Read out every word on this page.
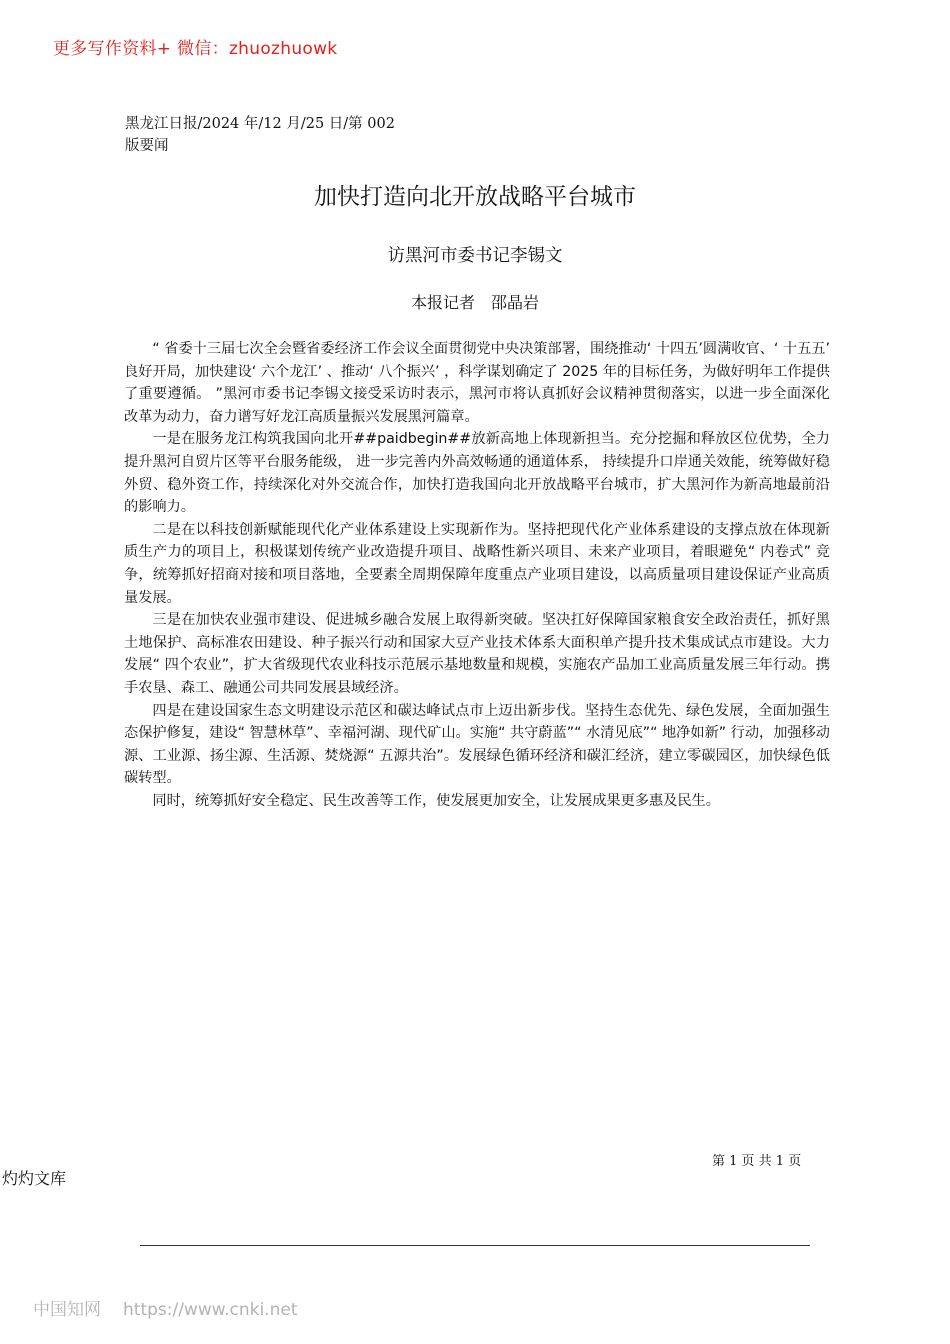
更多写作资料+ 微信：zhuozhuowk
黑龙江日报/2024 年/12 月/25 日/第 002
版要闻
加快打造向北开放战略平台城市
访黑河市委书记李锡文
本报记者　邵晶岩

“ 省委十三届七次全会暨省委经济工作会议全面贯彻党中央决策部署，围绕推动‘ 十四五’圆满收官、‘ 十五五’ 良好开局，加快建设‘ 六个龙江’ 、推动‘ 八个振兴’ ，科学谋划确定了 2025 年的目标任务，为做好明年工作提供了重要遵循。 ”黑河市委书记李锡文接受采访时表示，黑河市将认真抓好会议精神贯彻落实，以进一步全面深化改革为动力，奋力谱写好龙江高质量振兴发展黑河篇章。

一是在服务龙江构筑我国向北开##paidbegin##放新高地上体现新担当。充分挖掘和释放区位优势，全力提升黑河自贸片区等平台服务能级， 进一步完善内外高效畅通的通道体系， 持续提升口岸通关效能，统筹做好稳外贸、稳外资工作，持续深化对外交流合作，加快打造我国向北开放战略平台城市，扩大黑河作为新高地最前沿的影响力。

二是在以科技创新赋能现代化产业体系建设上实现新作为。坚持把现代化产业体系建设的支撑点放在体现新质生产力的项目上，积极谋划传统产业改造提升项目、战略性新兴项目、未来产业项目，着眼避免“ 内卷式” 竞争，统筹抓好招商对接和项目落地，全要素全周期保障年度重点产业项目建设，以高质量项目建设保证产业高质量发展。

三是在加快农业强市建设、促进城乡融合发展上取得新突破。坚决扛好保障国家粮食安全政治责任，抓好黑土地保护、高标准农田建设、种子振兴行动和国家大豆产业技术体系大面积单产提升技术集成试点市建设。大力发展“ 四个农业”，扩大省级现代农业科技示范展示基地数量和规模，实施农产品加工业高质量发展三年行动。携手农垦、森工、融通公司共同发展县域经济。

四是在建设国家生态文明建设示范区和碳达峰试点市上迈出新步伐。坚持生态优先、绿色发展，全面加强生态保护修复，建设“ 智慧林草”、幸福河湖、现代矿山。实施“ 共守蔚蓝”“ 水清见底”“ 地净如新” 行动，加强移动源、工业源、扬尘源、生活源、焚烧源“ 五源共治”。发展绿色循环经济和碳汇经济，建立零碳园区，加快绿色低碳转型。

同时，统筹抓好安全稳定、民生改善等工作，使发展更加安全，让发展成果更多惠及民生。

第 1 页 共 1 页
灼灼文库
中国知网 https://www.cnki.net
